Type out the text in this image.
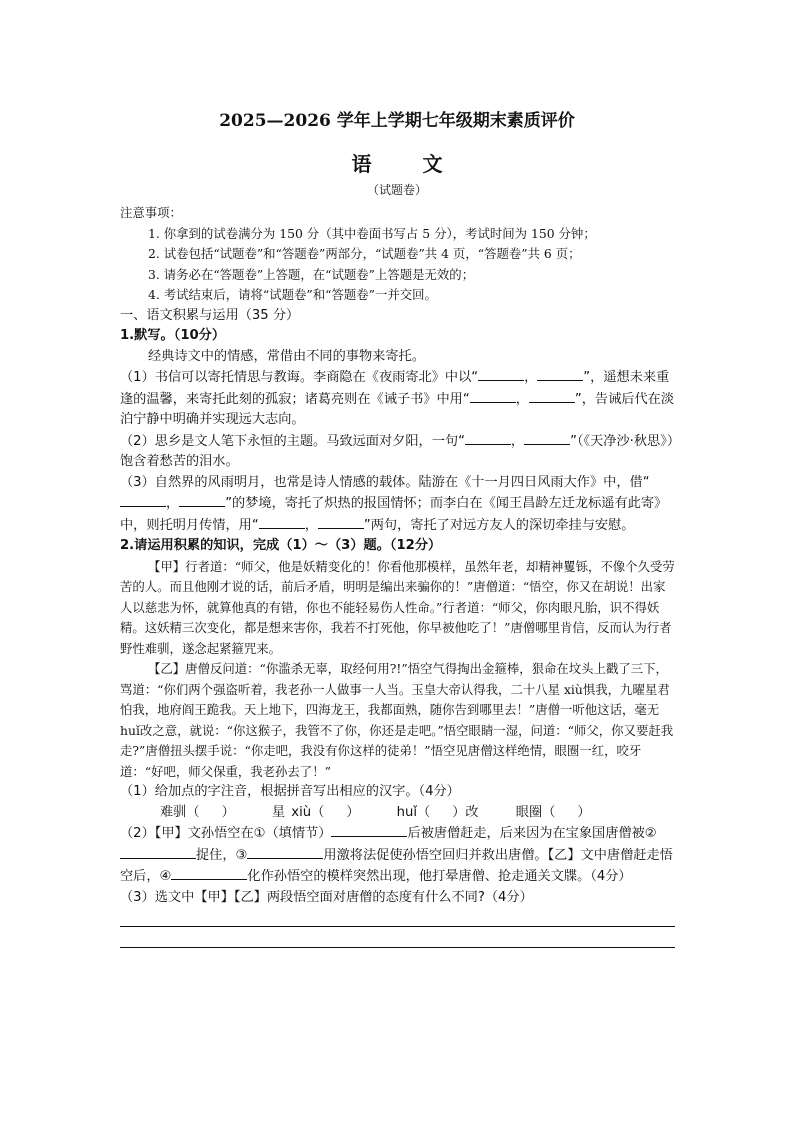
2025—2026 学年上学期七年级期末素质评价
语 文
（试题卷）

注意事项：

1. 你拿到的试卷满分为 150 分（其中卷面书写占 5 分），考试时间为 150 分钟；

2. 试卷包括“试题卷”和“答题卷”两部分，“试题卷”共 4 页，“答题卷”共 6 页；

3. 请务必在“答题卷”上答题，在“试题卷”上答题是无效的；

4. 考试结束后，请将“试题卷”和“答题卷”一并交回。

一、语文积累与运用（35 分）

1.默写。（10分）

经典诗文中的情感，常借由不同的事物来寄托。

（1）书信可以寄托情思与教诲。李商隐在《夜雨寄北》中以“	，	”，遥想未来重逢的温馨，来寄托此刻的孤寂；诸葛亮则在《诫子书》中用“	，	”，告诫后代在淡泊宁静中明确并实现远大志向。

（2）思乡是文人笔下永恒的主题。马致远面对夕阳，一句“	，	”（《天净沙·秋思》）饱含着愁苦的泪水。

（3）自然界的风雨明月，也常是诗人情感的载体。陆游在《十一月四日风雨大作》中，借“，	”的梦境，寄托了炽热的报国情怀；而李白在《闻王昌龄左迁龙标遥有此寄》中，则托明月传情，用“	，	”两句，寄托了对远方友人的深切牵挂与安慰。

2.请运用积累的知识，完成（1）～（3）题。（12分）

【甲】行者道：“师父，他是妖精变化的！你看他那模样，虽然年老，却精神矍铄，不像个久受劳苦的人。而且他刚才说的话，前后矛盾，明明是编出来骗你的！”唐僧道：“悟空，你又在胡说！出家人以慈悲为怀，就算他真的有错，你也不能轻易伤人性命。”行者道：“师父，你肉眼凡胎，识不得妖精。这妖精三次变化，都是想来害你，我若不打死他，你早被他吃了！”唐僧哪里肯信，反而认为行者野性难驯，遂念起紧箍咒来。

【乙】唐僧反问道：“你滥杀无辜，取经何用?!”悟空气得掏出金箍棒，狠命在坟头上戳了三下，骂道：“你们两个强盗听着，我老孙一人做事一人当。玉皇大帝认得我，二十八星 xiù惧我，九曜星君怕我，地府阎王跪我。天上地下，四海龙王，我都面熟，随你告到哪里去！”唐僧一听他这话，毫无 huǐ改之意，就说：“你这猴子，我管不了你，你还是走吧。”悟空眼睛一湿，问道：“师父，你又要赶我走?”唐僧扭头摆手说：“你走吧，我没有你这样的徒弟！”悟空见唐僧这样绝情，眼圈一红，咬牙道：“好吧，师父保重，我老孙去了！”

（1）给加点的字注音，根据拼音写出相应的汉字。（4分）

难驯（ ）	星 xiù（ ）	huǐ（ ）改	眼圈（ ）

（2）【甲】文孙悟空在①（填情节）	后被唐僧赶走，后来因为在宝象国唐僧被②捉住，③	用激将法促使孙悟空回归并救出唐僧。【乙】文中唐僧赶走悟空后，④	化作孙悟空的模样突然出现，他打晕唐僧、抢走通关文牒。（4分）

（3）选文中【甲】【乙】两段悟空面对唐僧的态度有什么不同?（4分）
